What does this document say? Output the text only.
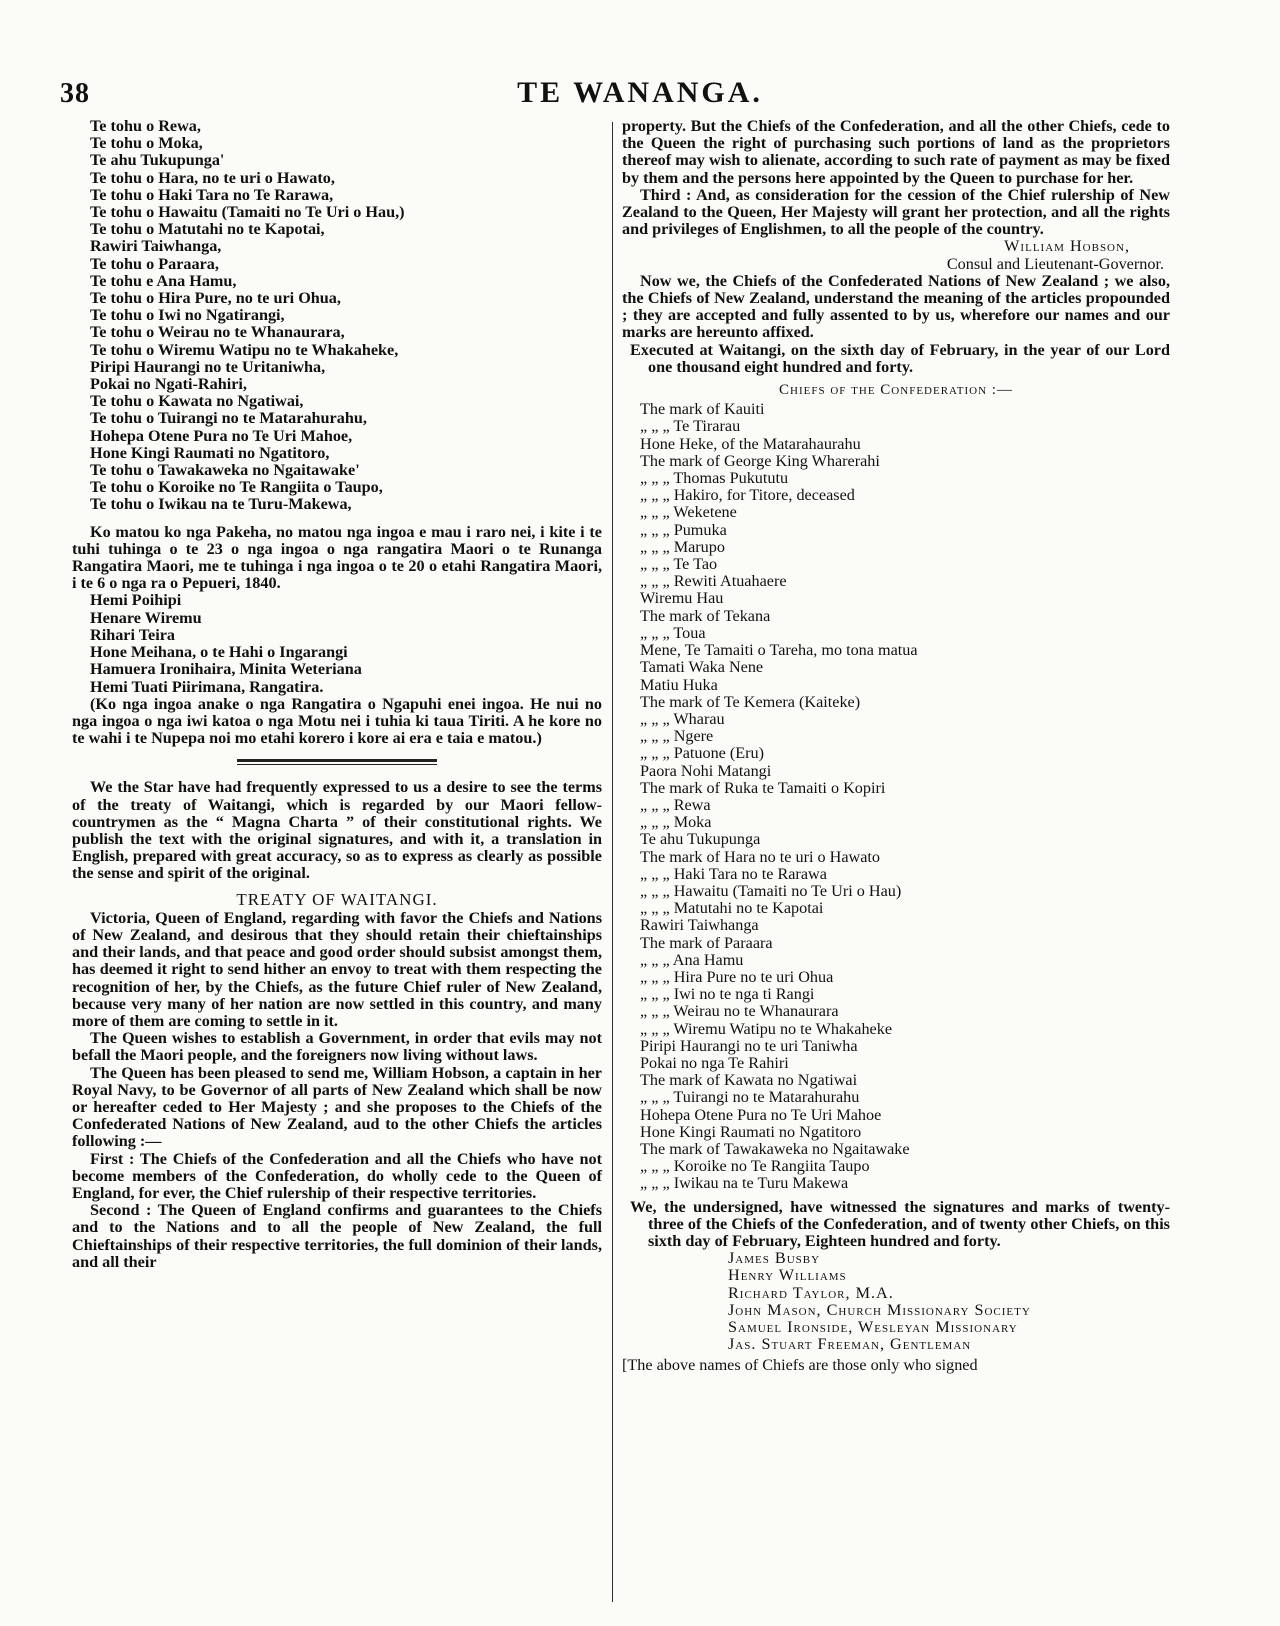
38	TE WANANGA.
Te tohu o Rewa,
Te tohu o Moka,
Te ahu Tukupunga'
Te tohu o Hara, no te uri o Hawato,
Te tohu o Haki Tara no Te Rarawa,
Te tohu o Hawaitu (Tamaiti no Te Uri o Hau,)
Te tohu o Matutahi no te Kapotai,
Rawiri Taiwhanga,
Te tohu o Paraara,
Te tohu e Ana Hamu,
Te tohu o Hira Pure, no te uri Ohua,
Te tohu o Iwi no Ngatirangi,
Te tohu o Weirau no te Whanaurara,
Te tohu o Wiremu Watipu no te Whakaheke,
Piripi Haurangi no te Uritaniwha,
Pokai no Ngati-Rahiri,
Te tohu o Kawata no Ngatiwai,
Te tohu o Tuirangi no te Matarahurahu,
Hohepa Otene Pura no Te Uri Mahoe,
Hone Kingi Raumati no Ngatitoro,
Te tohu o Tawakaweka no Ngaitawake'
Te tohu o Koroike no Te Rangiita o Taupo,
Te tohu o Iwikau na te Turu-Makewa,

Ko matou ko nga Pakeha, no matou nga ingoa e mau i raro nei, i kite i te tuhi tuhinga o te 23 o nga ingoa o nga rangatira Maori o te Runanga Rangatira Maori, me te tuhinga i nga ingoa o te 20 o etahi Rangatira Maori, i te 6 o nga ra o Pepueri, 1840.

Hemi Poihipi
Henare Wiremu
Rihari Teira
Hone Meihana, o te Hahi o Ingarangi
Hamuera Ironihaira, Minita Weteriana
Hemi Tuati Piirimana, Rangatira.

(Ko nga ingoa anake o nga Rangatira o Ngapuhi enei ingoa. He nui no nga ingoa o nga iwi katoa o nga Motu nei i tuhia ki taua Tiriti. A he kore no te wahi i te Nupepa noi mo etahi korero i kore ai era e taia e matou.)

We the Star have had frequently expressed to us a desire to see the terms of the treaty of Waitangi, which is regarded by our Maori fellow-countrymen as the “ Magna Charta ” of their constitutional rights. We publish the text with the original signatures, and with it, a translation in English, prepared with great accuracy, so as to express as clearly as possible the sense and spirit of the original.

TREATY OF WAITANGI.

Victoria, Queen of England, regarding with favor the Chiefs and Nations of New Zealand, and desirous that they should retain their chieftainships and their lands, and that peace and good order should subsist amongst them, has deemed it right to send hither an envoy to treat with them respecting the recognition of her, by the Chiefs, as the future Chief ruler of New Zealand, because very many of her nation are now settled in this country, and many more of them are coming to settle in it.

The Queen wishes to establish a Government, in order that evils may not befall the Maori people, and the foreigners now living without laws.

The Queen has been pleased to send me, William Hobson, a captain in her Royal Navy, to be Governor of all parts of New Zealand which shall be now or hereafter ceded to Her Majesty ; and she proposes to the Chiefs of the Confederated Nations of New Zealand, aud to the other Chiefs the articles following :—

First : The Chiefs of the Confederation and all the Chiefs who have not become members of the Confederation, do wholly cede to the Queen of England, for ever, the Chief rulership of their respective territories.

Second : The Queen of England confirms and guarantees to the Chiefs and to the Nations and to all the people of New Zealand, the full Chieftainships of their respective territories, the full dominion of their lands, and all their

property. But the Chiefs of the Confederation, and all the other Chiefs, cede to the Queen the right of purchasing such portions of land as the proprietors thereof may wish to alienate, according to such rate of payment as may be fixed by them and the persons here appointed by the Queen to purchase for her.

Third : And, as consideration for the cession of the Chief rulership of New Zealand to the Queen, Her Majesty will grant her protection, and all the rights and privileges of Englishmen, to all the people of the country.

William Hobson,
Consul and Lieutenant-Governor.

Now we, the Chiefs of the Confederated Nations of New Zealand ; we also, the Chiefs of New Zealand, understand the meaning of the articles propounded ; they are accepted and fully assented to by us, wherefore our names and our marks are hereunto affixed.

Executed at Waitangi, on the sixth day of February, in the year of our Lord one thousand eight hundred and forty.

Chiefs of the Confederation :—
The mark of Kauiti
„ „ „ Te Tirarau
Hone Heke, of the Matarahaurahu
The mark of George King Wharerahi
„ „ „ Thomas Pukututu
„ „ „ Hakiro, for Titore, deceased
„ „ „ Weketene
„ „ „ Pumuka
„ „ „ Marupo
„ „ „ Te Tao
„ „ „ Rewiti Atuahaere
Wiremu Hau
The mark of Tekana
„ „ „ Toua
Mene, Te Tamaiti o Tareha, mo tona matua
Tamati Waka Nene
Matiu Huka
The mark of Te Kemera (Kaiteke)
„ „ „ Wharau
„ „ „ Ngere
„ „ „ Patuone (Eru)
Paora Nohi Matangi
The mark of Ruka te Tamaiti o Kopiri
„ „ „ Rewa
„ „ „ Moka
Te ahu Tukupunga
The mark of Hara no te uri o Hawato
„ „ „ Haki Tara no te Rarawa
„ „ „ Hawaitu (Tamaiti no Te Uri o Hau)
„ „ „ Matutahi no te Kapotai
Rawiri Taiwhanga
The mark of Paraara
„ „ „ Ana Hamu
„ „ „ Hira Pure no te uri Ohua
„ „ „ Iwi no te nga ti Rangi
„ „ „ Weirau no te Whanaurara
„ „ „ Wiremu Watipu no te Whakaheke
Piripi Haurangi no te uri Taniwha
Pokai no nga Te Rahiri
The mark of Kawata no Ngatiwai
„ „ „ Tuirangi no te Matarahurahu
Hohepa Otene Pura no Te Uri Mahoe
Hone Kingi Raumati no Ngatitoro
The mark of Tawakaweka no Ngaitawake
„ „ „ Koroike no Te Rangiita Taupo
„ „ „ Iwikau na te Turu Makewa

We, the undersigned, have witnessed the signatures and marks of twenty-three of the Chiefs of the Confederation, and of twenty other Chiefs, on this sixth day of February, Eighteen hundred and forty.

James Busby
Henry Williams
Richard Taylor, M.A.
John Mason, Church Missionary Society
Samuel Ironside, Wesleyan Missionary
Jas. Stuart Freeman, Gentleman

[The above names of Chiefs are those only who signed
